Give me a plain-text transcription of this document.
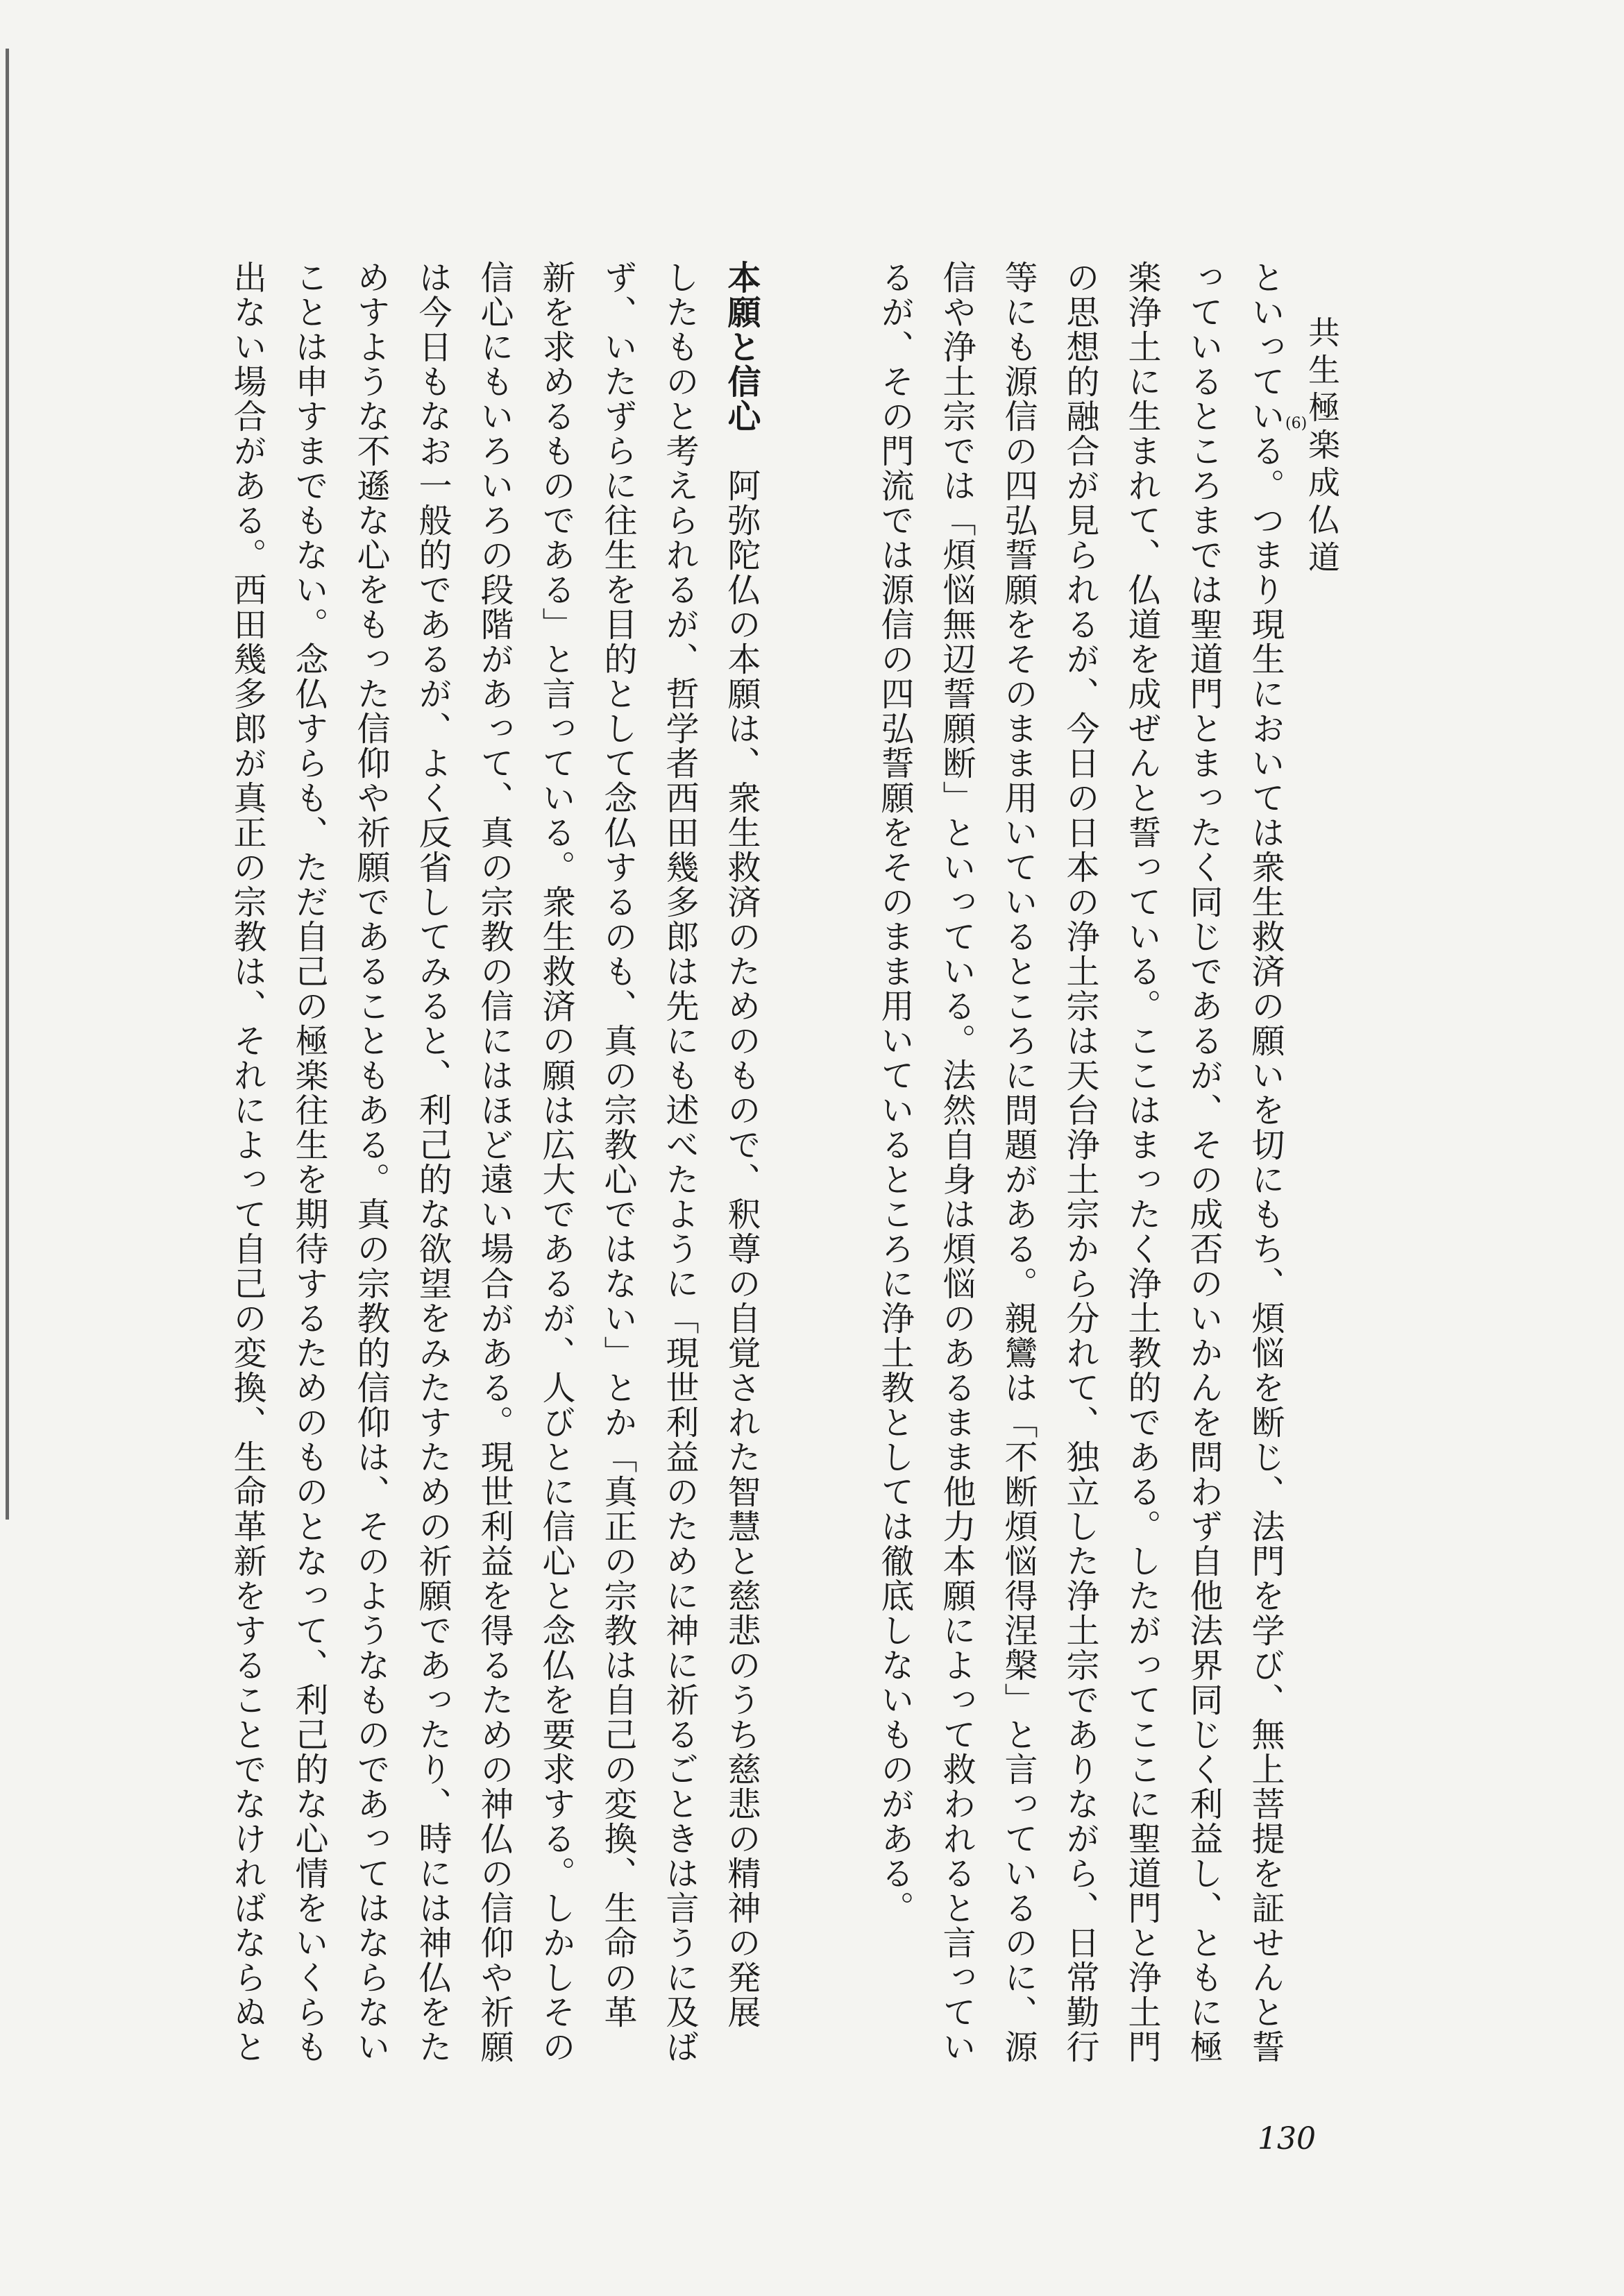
共生極楽成仏道
といっている。つまり現生においては衆生救済の願いを切にもち、煩悩を断じ、法門を学び、無上菩提を証せんと誓 (6)
っているところまでは聖道門とまったく同じであるが、その成否のいかんを問わず自他法界同じく利益し、ともに極
楽浄土に生まれて、仏道を成ぜんと誓っている。ここはまったく浄土教的である。したがってここに聖道門と浄土門
の思想的融合が見られるが、今日の日本の浄土宗は天台浄土宗から分れて、独立した浄土宗でありながら、日常勤行
等にも源信の四弘誓願をそのまま用いているところに問題がある。親鸞は「不断煩悩得涅槃」と言っているのに、源
信や浄土宗では「煩悩無辺誓願断」といっている。法然自身は煩悩のあるまま他力本願によって救われると言ってい
るが、その門流では源信の四弘誓願をそのまま用いているところに浄土教としては徹底しないものがある。
本願と信心阿弥陀仏の本願は、衆生救済のためのもので、釈尊の自覚された智慧と慈悲のうち慈悲の精神の発展
したものと考えられるが、哲学者西田幾多郎は先にも述べたように「現世利益のために神に祈るごときは言うに及ば
ず、いたずらに往生を目的として念仏するのも、真の宗教心ではない」とか「真正の宗教は自己の変換、生命の革
新を求めるものである」と言っている。衆生救済の願は広大であるが、人びとに信心と念仏を要求する。しかしその
信心にもいろいろの段階があって、真の宗教の信にはほど遠い場合がある。現世利益を得るための神仏の信仰や祈願
は今日もなお一般的であるが、よく反省してみると、利己的な欲望をみたすための祈願であったり、時には神仏をた
めすような不遜な心をもった信仰や祈願であることもある。真の宗教的信仰は、そのようなものであってはならない
ことは申すまでもない。念仏すらも、ただ自己の極楽往生を期待するためのものとなって、利己的な心情をいくらも
出ない場合がある。西田幾多郎が真正の宗教は、それによって自己の変換、生命革新をすることでなければならぬと
130
